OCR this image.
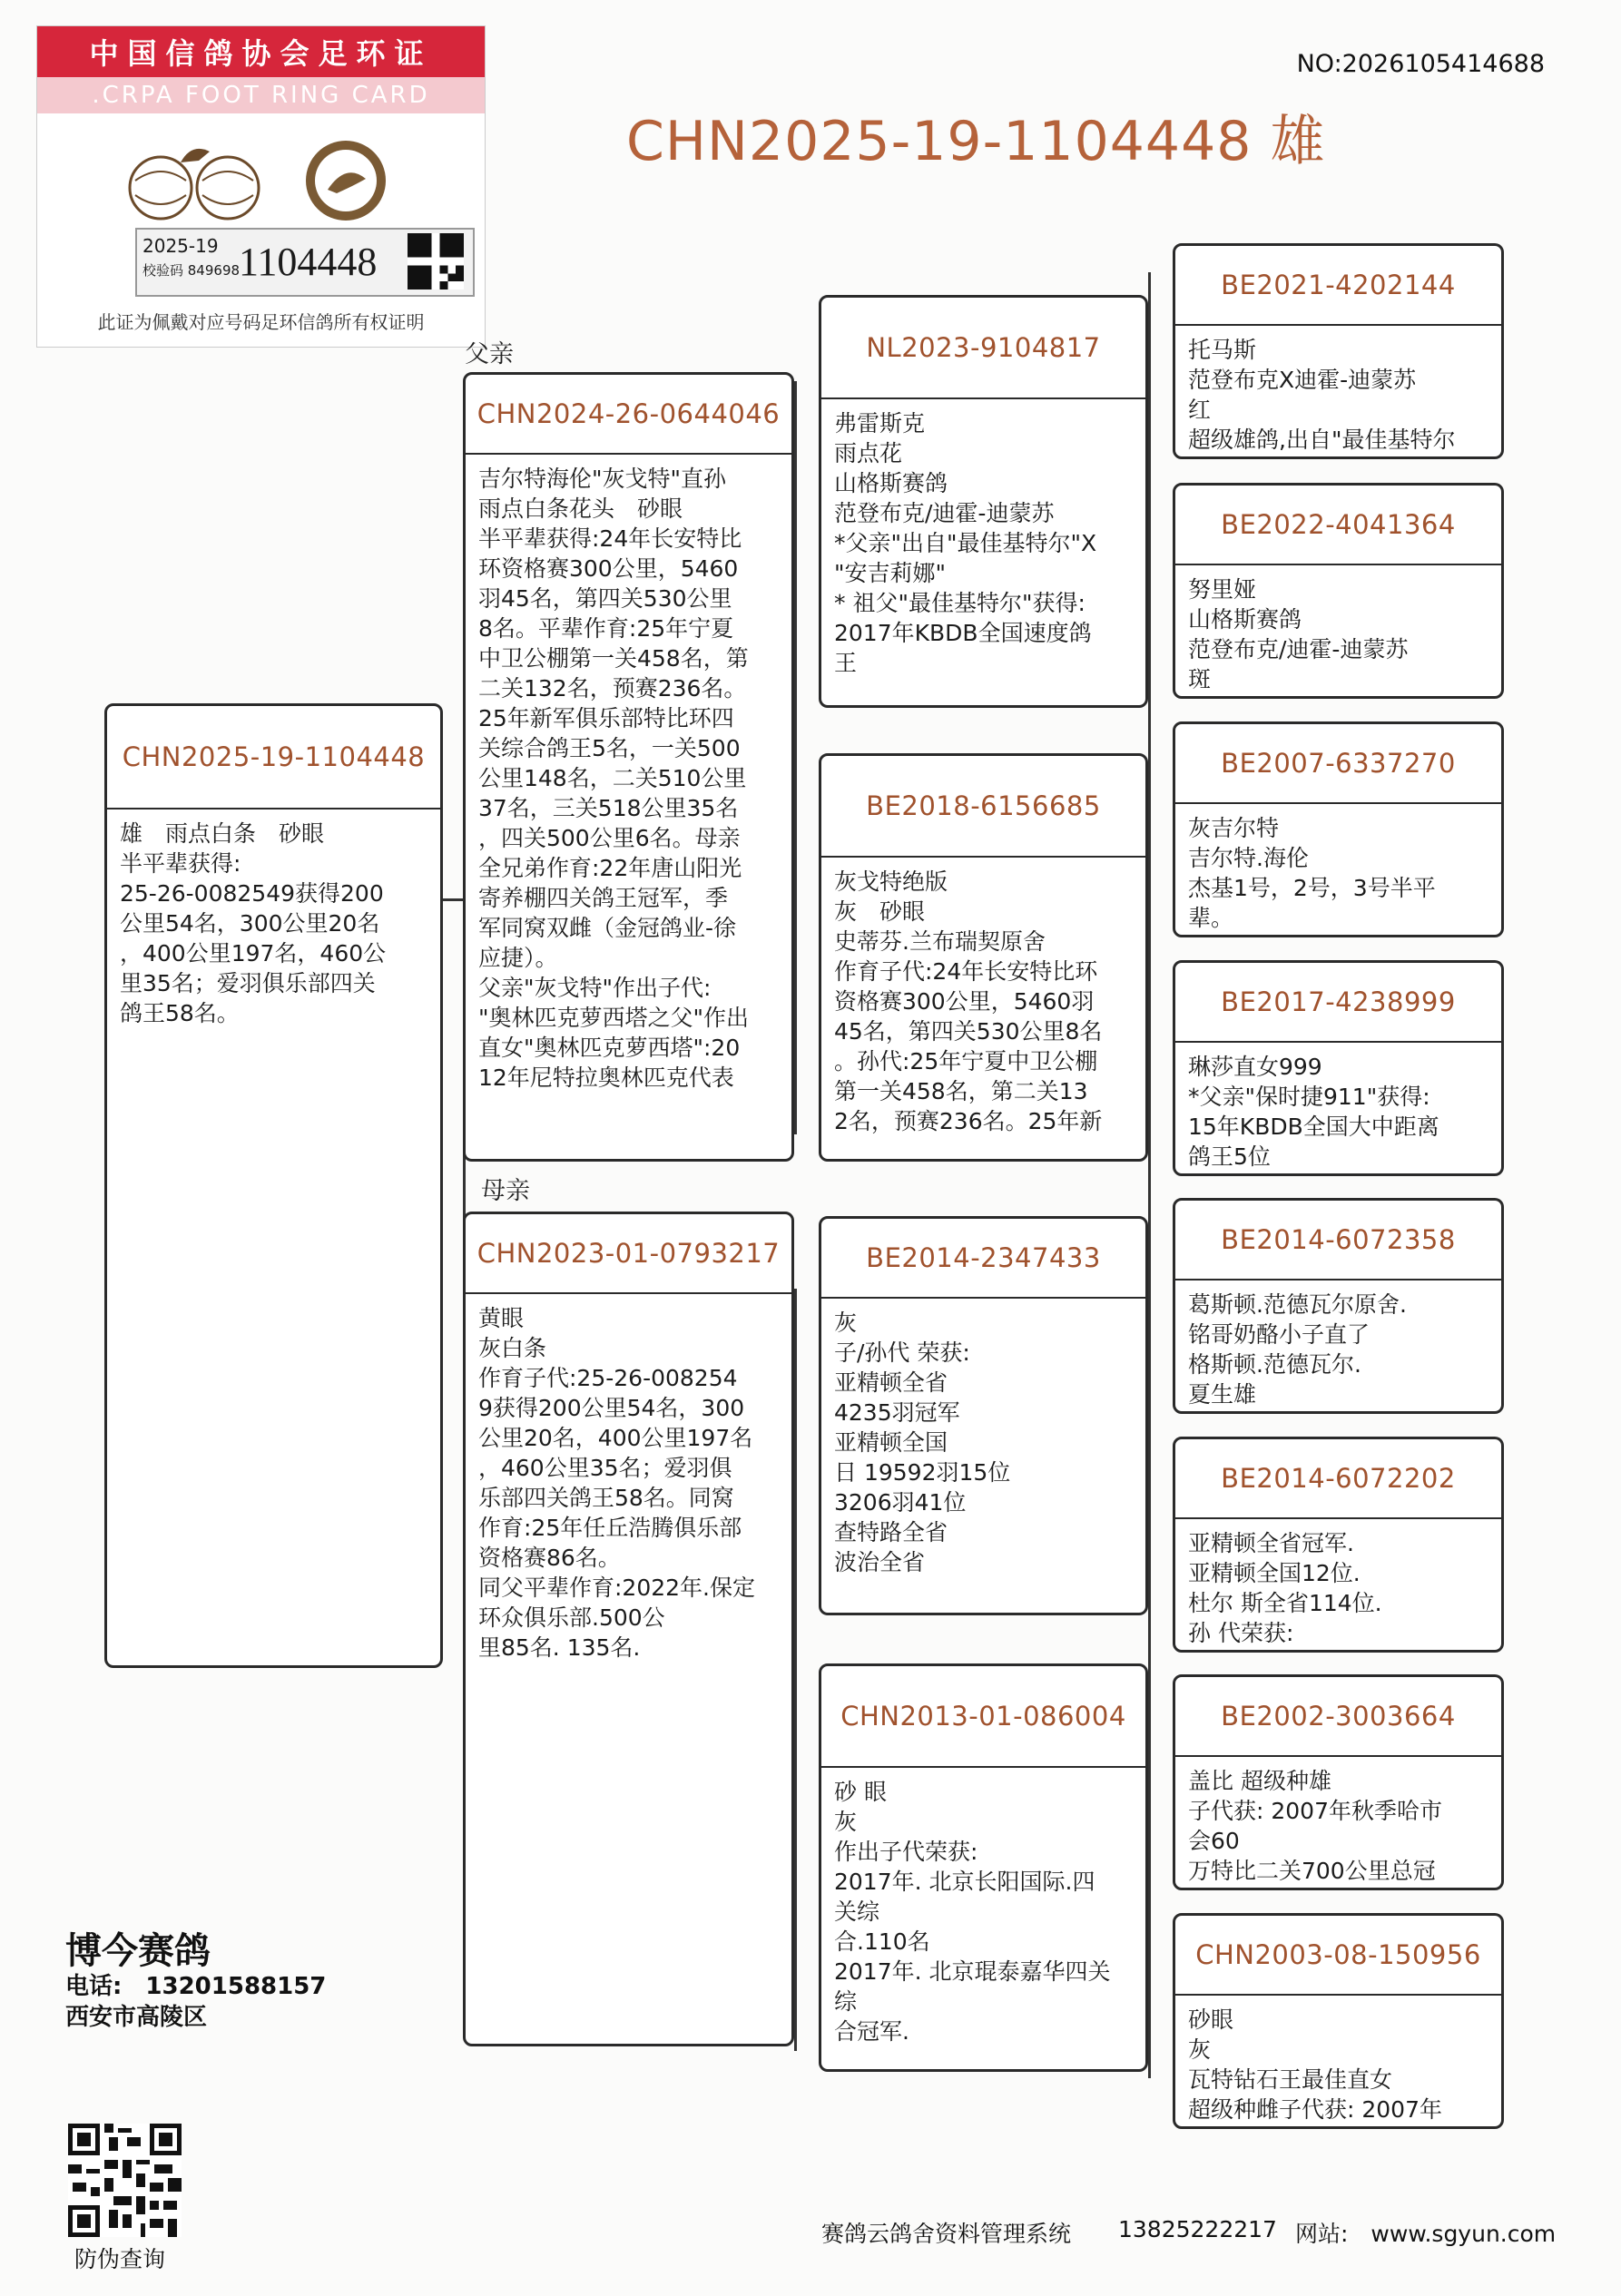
中国信鸽协会足环证
.CRPA FOOT RING CARD
2025-19
校验码 849698
1104448
此证为佩戴对应号码足环信鸽所有权证明
NO:2026105414688
CHN2025-19-1104448 雄
父亲
母亲
CHN2025-19-1104448
雄　雨点白条　砂眼
半平辈获得:
25-26-0082549获得200
公里54名，300公里20名
，400公里197名，460公
里35名；爱羽俱乐部四关
鸽王58名。
CHN2024-26-0644046
吉尔特海伦"灰戈特"直孙
雨点白条花头　砂眼
半平辈获得:24年长安特比
环资格赛300公里，5460
羽45名，第四关530公里
8名。平辈作育:25年宁夏
中卫公棚第一关458名，第
二关132名，预赛236名。
25年新军俱乐部特比环四
关综合鸽王5名，一关500
公里148名，二关510公里
37名，三关518公里35名
，四关500公里6名。母亲
全兄弟作育:22年唐山阳光
寄养棚四关鸽王冠军，季
军同窝双雌（金冠鸽业-徐
应捷）。
父亲"灰戈特"作出子代:
"奥林匹克萝西塔之父"作出
直女"奥林匹克萝西塔":20
12年尼特拉奥林匹克代表
CHN2023-01-0793217
黄眼
灰白条
作育子代:25-26-008254
9获得200公里54名，300
公里20名，400公里197名
，460公里35名；爱羽俱
乐部四关鸽王58名。同窝
作育:25年任丘浩腾俱乐部
资格赛86名。
同父平辈作育:2022年.保定
环众俱乐部.500公
里85名. 135名.
NL2023-9104817
弗雷斯克
雨点花
山格斯赛鸽
范登布克/迪霍-迪蒙苏
*父亲"出自"最佳基特尔"X
"安吉莉娜"
* 祖父"最佳基特尔"获得:
2017年KBDB全国速度鸽
王
BE2018-6156685
灰戈特绝版
灰　砂眼
史蒂芬.兰布瑞契原舍
作育子代:24年长安特比环
资格赛300公里，5460羽
45名，第四关530公里8名
。孙代:25年宁夏中卫公棚
第一关458名，第二关13
2名，预赛236名。25年新
BE2014-2347433
灰
子/孙代 荣获:
亚精顿全省
4235羽冠军
亚精顿全国
日 19592羽15位
3206羽41位
查特路全省
波治全省
CHN2013-01-086004
砂 眼
灰
作出子代荣获:
2017年. 北京长阳国际.四
关综
合.110名
2017年. 北京琨泰嘉华四关
综
合冠军.
BE2021-4202144
托马斯
范登布克X迪霍-迪蒙苏
红
超级雄鸽,出自"最佳基特尔
BE2022-4041364
努里娅
山格斯赛鸽
范登布克/迪霍-迪蒙苏
斑
BE2007-6337270
灰吉尔特
吉尔特.海伦
杰基1号，2号，3号半平
辈。
BE2017-4238999
琳莎直女999
*父亲"保时捷911"获得:
15年KBDB全国大中距离
鸽王5位
BE2014-6072358
葛斯顿.范德瓦尔原舍.
铭哥奶酪小子直了
格斯顿.范德瓦尔.
夏生雄
BE2014-6072202
亚精顿全省冠军.
亚精顿全国12位.
杜尔 斯全省114位.
孙 代荣获:
BE2002-3003664
盖比 超级种雄
子代获: 2007年秋季哈市
会60
万特比二关700公里总冠
CHN2003-08-150956
砂眼
灰
瓦特钻石王最佳直女
超级种雌子代获: 2007年
博今赛鸽
电话:　13201588157
西安市高陵区
防伪查询
赛鸽云鸽舍资料管理系统 13825222217 网站:　www.sgyun.com
